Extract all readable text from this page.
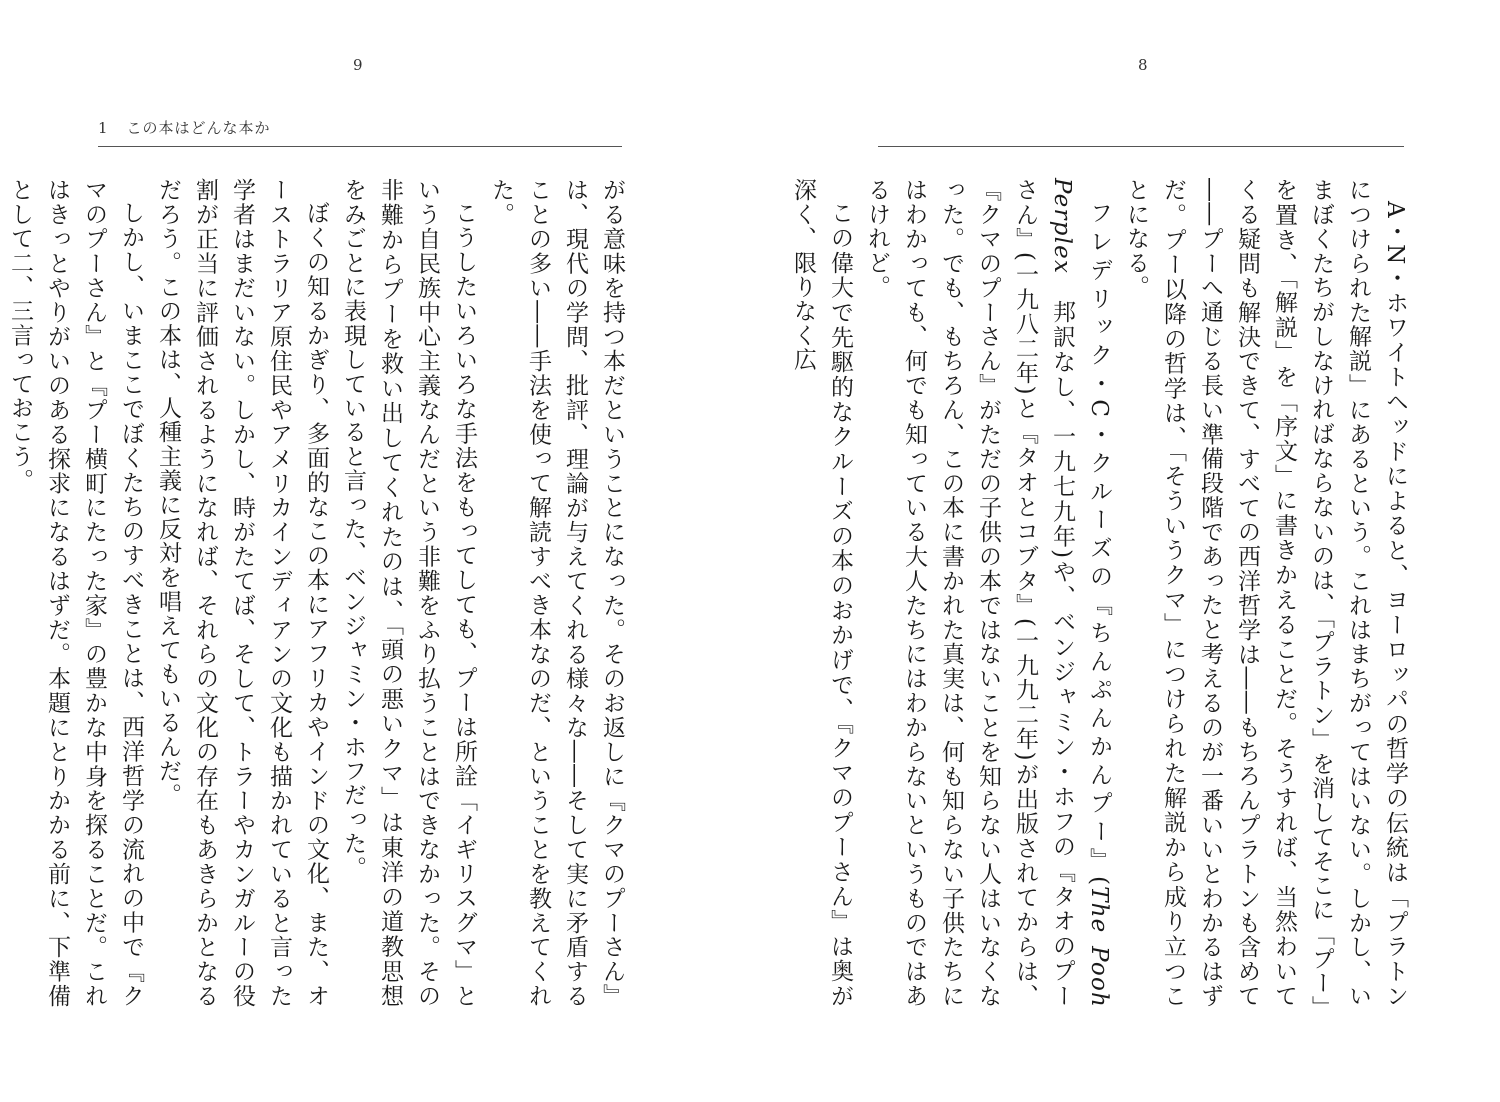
9
1 この本はどんな本か

がる意味を持つ本だということになった。そのお返しに『クマのプーさん』は、現代の学問、批評、理論が与えてくれる様々な――そして実に矛盾することの多い――手法を使って解読すべき本なのだ、ということを教えてくれた。

こうしたいろいろな手法をもってしても、プーは所詮「イギリスグマ」という自民族中心主義なんだという非難をふり払うことはできなかった。その非難からプーを救い出してくれたのは、「頭の悪いクマ」は東洋の道教思想をみごとに表現していると言った、ベンジャミン・ホフだった。

ぼくの知るかぎり、多面的なこの本にアフリカやインドの文化、また、オーストラリア原住民やアメリカインディアンの文化も描かれていると言った学者はまだいない。しかし、時がたてば、そして、トラーやカンガルーの役割が正当に評価されるようになれば、それらの文化の存在もあきらかとなるだろう。この本は、人種主義に反対を唱えてもいるんだ。

しかし、いまここでぼくたちのすべきことは、西洋哲学の流れの中で『クマのプーさん』と『プー横町にたった家』の豊かな中身を探ることだ。これはきっとやりがいのある探求になるはずだ。本題にとりかかる前に、下準備として二、三言っておこう。

8

A・N・ホワイトヘッドによると、ヨーロッパの哲学の伝統は「プラトンにつけられた解説」にあるという。これはまちがってはいない。しかし、いまぼくたちがしなければならないのは、「プラトン」を消してそこに「プー」を置き、「解説」を「序文」に書きかえることだ。そうすれば、当然わいてくる疑問も解決できて、すべての西洋哲学は――もちろんプラトンも含めて――プーへ通じる長い準備段階であったと考えるのが一番いいとわかるはずだ。プー以降の哲学は、「そういうクマ」につけられた解説から成り立つことになる。

フレデリック・C・クルーズの『ちんぷんかんプー』(The Pooh Perplex　邦訳なし、一九七九年)や、ベンジャミン・ホフの『タオのプーさん』(一九八二年)と『タオとコブタ』(一九九二年)が出版されてからは、『クマのプーさん』がただの子供の本ではないことを知らない人はいなくなった。でも、もちろん、この本に書かれた真実は、何も知らない子供たちにはわかっても、何でも知っている大人たちにはわからないというものではあるけれど。

この偉大で先駆的なクルーズの本のおかげで、『クマのプーさん』は奥が深く、限りなく広
